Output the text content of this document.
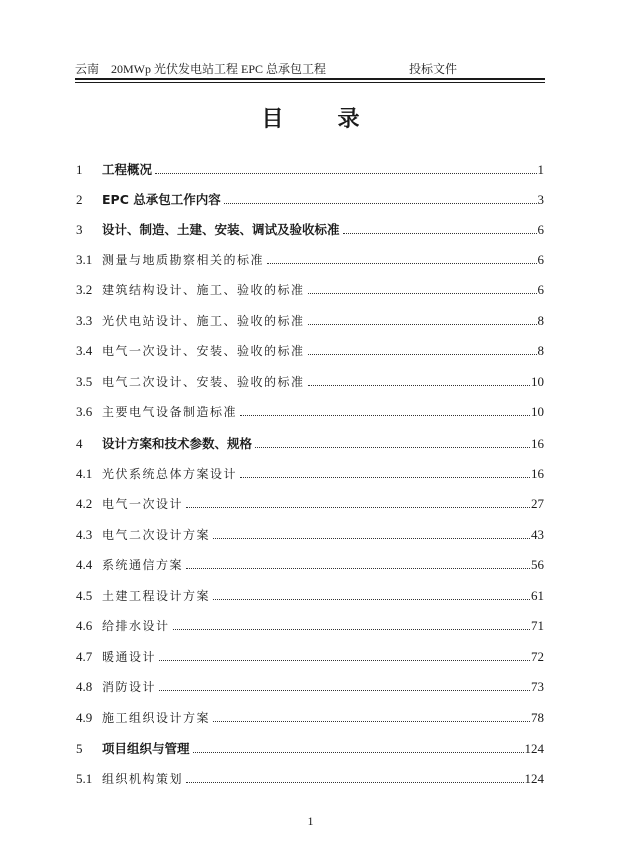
云南　20MWp 光伏发电站工程 EPC 总承包工程	投标文件
目录
1	工程概况	1
2	EPC 总承包工作内容	3
3	设计、制造、土建、安装、调试及验收标准	6
3.1 测量与地质勘察相关的标准	6
3.2 建筑结构设计、施工、验收的标准	6
3.3 光伏电站设计、施工、验收的标准	8
3.4 电气一次设计、安装、验收的标准	8
3.5 电气二次设计、安装、验收的标准	10
3.6 主要电气设备制造标准	10
4	设计方案和技术参数、规格	16
4.1 光伏系统总体方案设计	16
4.2 电气一次设计	27
4.3 电气二次设计方案	43
4.4 系统通信方案	56
4.5 土建工程设计方案	61
4.6 给排水设计	71
4.7 暖通设计	72
4.8 消防设计	73
4.9 施工组织设计方案	78
5	项目组织与管理	124
5.1 组织机构策划	124
1
